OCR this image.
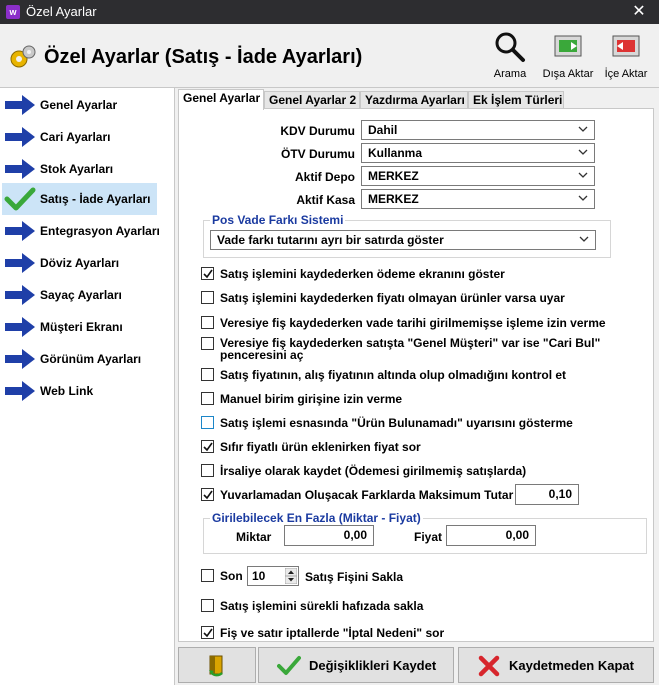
w Özel Ayarlar	✕
Özel Ayarlar (Satış - İade Ayarları)
Arama	Dışa Aktar	İçe Aktar
Genel Ayarlar
Cari Ayarları
Stok Ayarları
Satış - İade Ayarları
Entegrasyon Ayarları
Döviz Ayarları
Sayaç Ayarları
Müşteri Ekranı
Görünüm Ayarları
Web Link
Genel Ayarlar Genel Ayarlar 2 Yazdırma Ayarları Ek İşlem Türleri
KDV Durumu	Dahil
ÖTV Durumu	Kullanma
Aktif Depo	MERKEZ
Aktif Kasa	MERKEZ
Pos Vade Farkı Sistemi
Vade farkı tutarını ayrı bir satırda göster
Satış işlemini kaydederken ödeme ekranını göster
Satış işlemini kaydederken fiyatı olmayan ürünler varsa uyar
Veresiye fiş kaydederken vade tarihi girilmemişse işleme izin verme
Veresiye fiş kaydederken satışta "Genel Müşteri" var ise "Cari Bul"
penceresini aç
Satış fiyatının, alış fiyatının altında olup olmadığını kontrol et
Manuel birim girişine izin verme
Satış işlemi esnasında "Ürün Bulunamadı" uyarısını gösterme
Sıfır fiyatlı ürün eklenirken fiyat sor
İrsaliye olarak kaydet (Ödemesi girilmemiş satışlarda)
Yuvarlamadan Oluşacak Farklarda Maksimum Tutar	0,10
Girilebilecek En Fazla (Miktar - Fiyat)
Miktar	0,00	Fiyat	0,00
Son 10	Satış Fişini Sakla
Satış işlemini sürekli hafızada sakla
Fiş ve satır iptallerde "İptal Nedeni" sor
Değişiklikleri Kaydet	Kaydetmeden Kapat
